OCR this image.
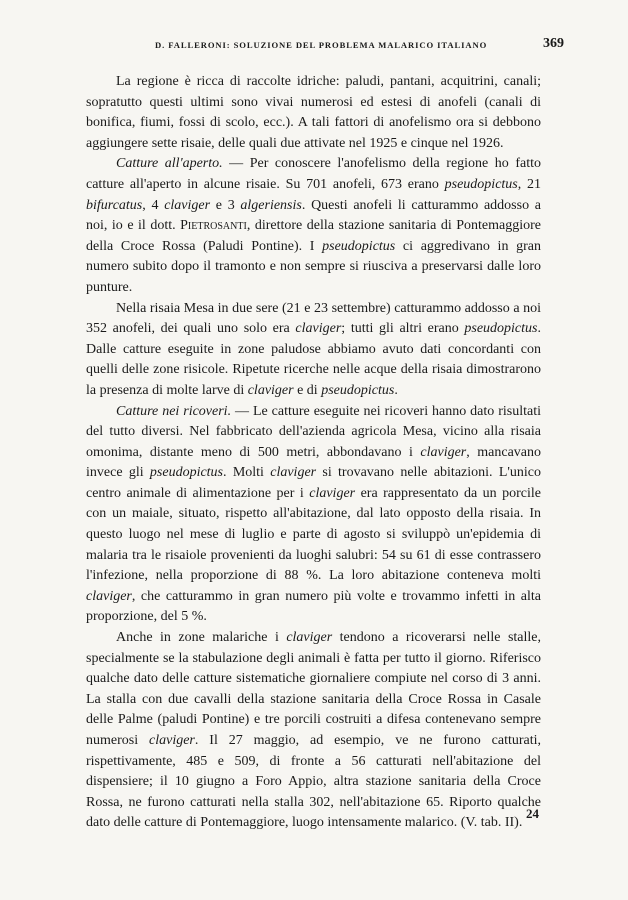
D. FALLERONI: SOLUZIONE DEL PROBLEMA MALARICO ITALIANO	369

La regione è ricca di raccolte idriche: paludi, pantani, acquitrini, canali; sopratutto questi ultimi sono vivai numerosi ed estesi di anofeli (canali di bonifica, fiumi, fossi di scolo, ecc.). A tali fattori di anofelismo ora si debbono aggiungere sette risaie, delle quali due attivate nel 1925 e cinque nel 1926.

Catture all'aperto. — Per conoscere l'anofelismo della regione ho fatto catture all'aperto in alcune risaie. Su 701 anofeli, 673 erano pseudopictus, 21 bifurcatus, 4 claviger e 3 algeriensis. Questi anofeli li catturammo addosso a noi, io e il dott. Pietrosanti, direttore della stazione sanitaria di Pontemaggiore della Croce Rossa (Paludi Pontine). I pseudopictus ci aggredivano in gran numero subito dopo il tramonto e non sempre si riusciva a preservarsi dalle loro punture.

Nella risaia Mesa in due sere (21 e 23 settembre) catturammo addosso a noi 352 anofeli, dei quali uno solo era claviger; tutti gli altri erano pseudopictus. Dalle catture eseguite in zone paludose abbiamo avuto dati concordanti con quelli delle zone risicole. Ripetute ricerche nelle acque della risaia dimostrarono la presenza di molte larve di claviger e di pseudopictus.

Catture nei ricoveri. — Le catture eseguite nei ricoveri hanno dato risultati del tutto diversi. Nel fabbricato dell'azienda agricola Mesa, vicino alla risaia omonima, distante meno di 500 metri, abbondavano i claviger, mancavano invece gli pseudopictus. Molti claviger si trovavano nelle abitazioni. L'unico centro animale di alimentazione per i claviger era rappresentato da un porcile con un maiale, situato, rispetto all'abitazione, dal lato opposto della risaia. In questo luogo nel mese di luglio e parte di agosto si sviluppò un'epidemia di malaria tra le risaiole provenienti da luoghi salubri: 54 su 61 di esse contrassero l'infezione, nella proporzione di 88 %. La loro abitazione conteneva molti claviger, che catturammo in gran numero più volte e trovammo infetti in alta proporzione, del 5 %.

Anche in zone malariche i claviger tendono a ricoverarsi nelle stalle, specialmente se la stabulazione degli animali è fatta per tutto il giorno. Riferisco qualche dato delle catture sistematiche giornaliere compiute nel corso di 3 anni. La stalla con due cavalli della stazione sanitaria della Croce Rossa in Casale delle Palme (paludi Pontine) e tre porcili costruiti a difesa contenevano sempre numerosi claviger. Il 27 maggio, ad esempio, ve ne furono catturati, rispettivamente, 485 e 509, di fronte a 56 catturati nell'abitazione del dispensiere; il 10 giugno a Foro Appio, altra stazione sanitaria della Croce Rossa, ne furono catturati nella stalla 302, nell'abitazione 65. Riporto qualche dato delle catture di Pontemaggiore, luogo intensamente malarico. (V. tab. II).

24
